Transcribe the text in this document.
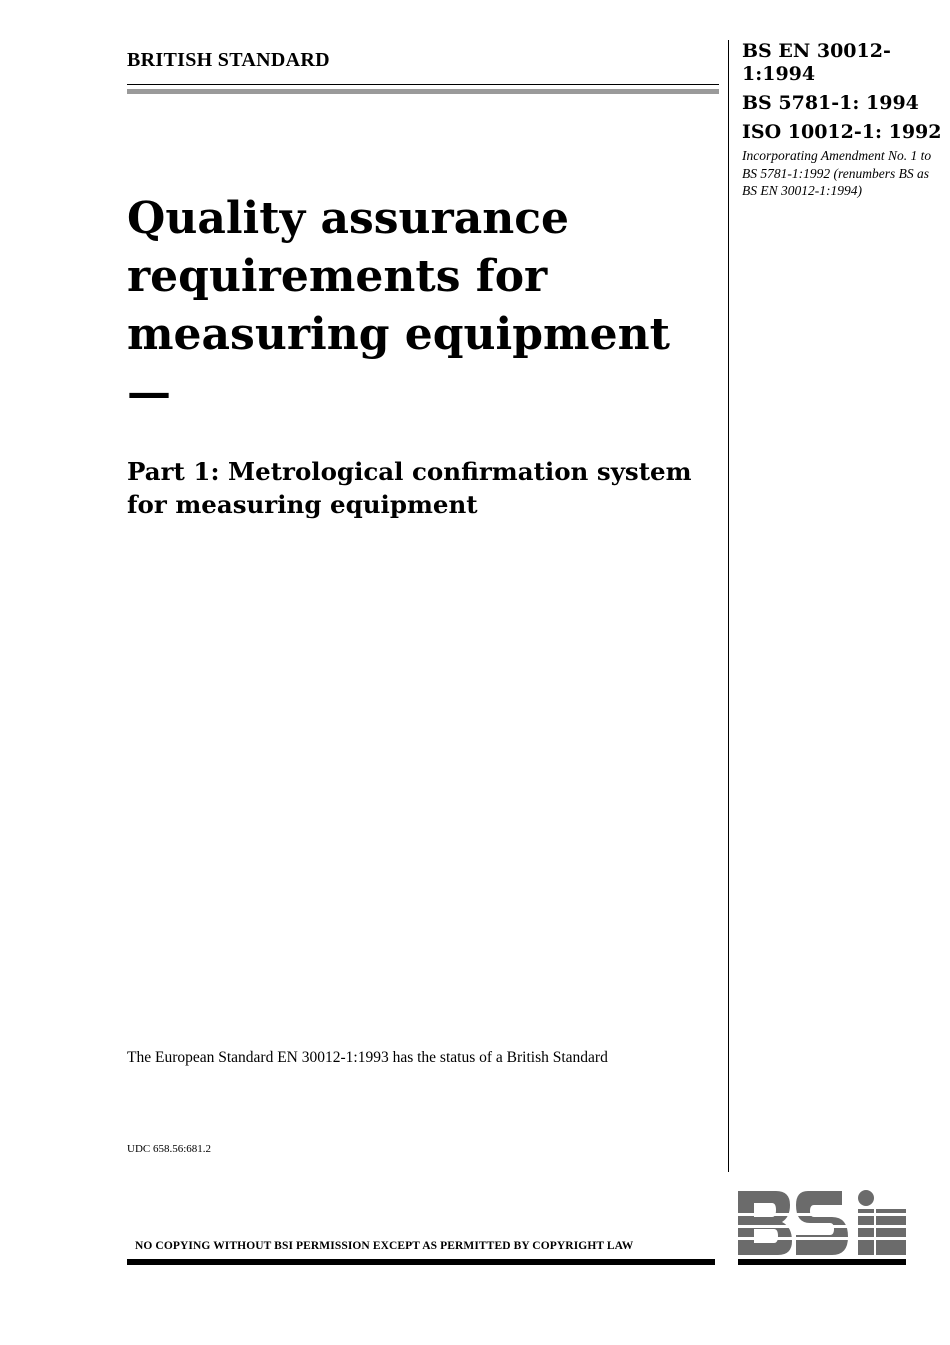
BRITISH STANDARD	BS EN 30012-1:1994
BS 5781-1: 1994
ISO 10012-1: 1992
Incorporating Amendment No. 1 to BS 5781-1:1992 (renumbers BS as BS EN 30012-1:1994)
Quality assurance requirements for measuring equipment —
Part 1: Metrological confirmation system for measuring equipment
The European Standard EN 30012-1:1993 has the status of a British Standard
UDC 658.56:681.2
NO COPYING WITHOUT BSI PERMISSION EXCEPT AS PERMITTED BY COPYRIGHT LAW
